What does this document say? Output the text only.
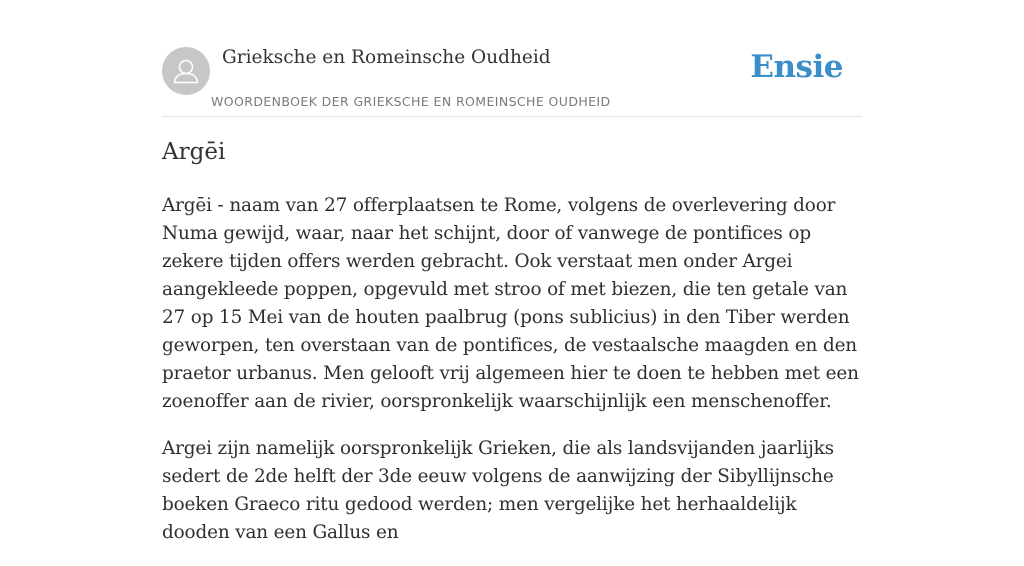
Grieksche en Romeinsche Oudheid
WOORDENBOEK DER GRIEKSCHE EN ROMEINSCHE OUDHEID
Ensie
Argēi

Argēi - naam van 27 offerplaatsen te Rome, volgens de overlevering door Numa gewijd, waar, naar het schijnt, door of vanwege de pontifices op zekere tijden offers werden gebracht. Ook verstaat men onder Argei aangekleede poppen, opgevuld met stroo of met biezen, die ten getale van 27 op 15 Mei van de houten paalbrug (pons sublicius) in den Tiber werden geworpen, ten overstaan van de pontifices, de vestaalsche maagden en den praetor urbanus. Men gelooft vrij algemeen hier te doen te hebben met een zoenoffer aan de rivier, oorspronkelijk waarschijnlijk een menschenoffer.

Argei zijn namelijk oorspronkelijk Grieken, die als landsvijanden jaarlijks sedert de 2de helft der 3de eeuw volgens de aanwijzing der Sibyllijnsche boeken Graeco ritu gedood werden; men vergelijke het herhaaldelijk dooden van een Gallus en
